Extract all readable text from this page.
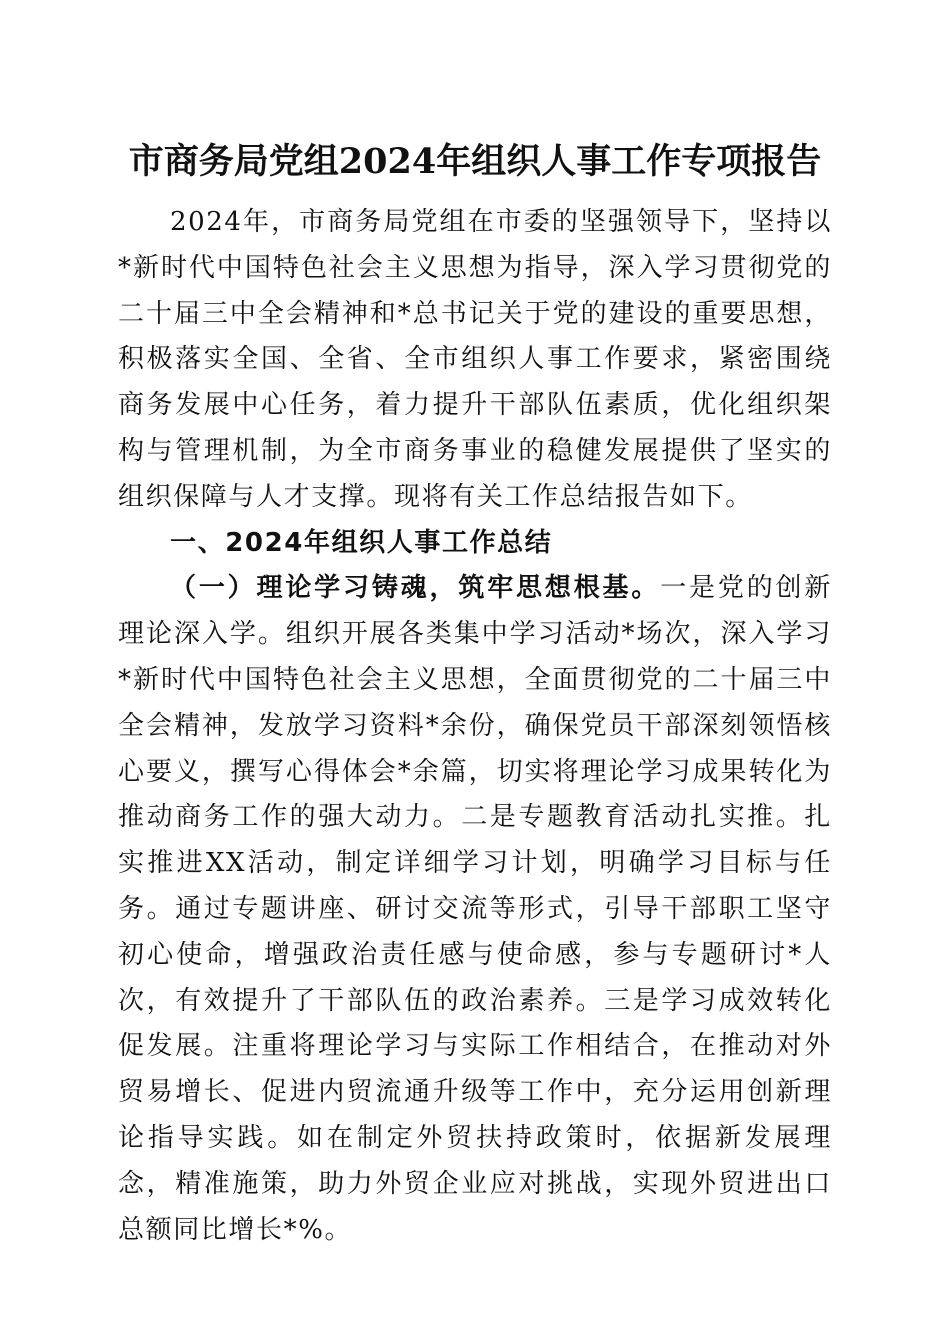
市商务局党组2024年组织人事工作专项报告

2024年，市商务局党组在市委的坚强领导下，坚持以*新时代中国特色社会主义思想为指导，深入学习贯彻党的二十届三中全会精神和*总书记关于党的建设的重要思想，积极落实全国、全省、全市组织人事工作要求，紧密围绕商务发展中心任务，着力提升干部队伍素质，优化组织架构与管理机制，为全市商务事业的稳健发展提供了坚实的组织保障与人才支撑。现将有关工作总结报告如下。

一、2024年组织人事工作总结

（一）理论学习铸魂，筑牢思想根基。一是党的创新理论深入学。组织开展各类集中学习活动*场次，深入学习*新时代中国特色社会主义思想，全面贯彻党的二十届三中全会精神，发放学习资料*余份，确保党员干部深刻领悟核心要义，撰写心得体会*余篇，切实将理论学习成果转化为推动商务工作的强大动力。二是专题教育活动扎实推。扎实推进XX活动，制定详细学习计划，明确学习目标与任务。通过专题讲座、研讨交流等形式，引导干部职工坚守初心使命，增强政治责任感与使命感，参与专题研讨*人次，有效提升了干部队伍的政治素养。三是学习成效转化促发展。注重将理论学习与实际工作相结合，在推动对外贸易增长、促进内贸流通升级等工作中，充分运用创新理论指导实践。如在制定外贸扶持政策时，依据新发展理念，精准施策，助力外贸企业应对挑战，实现外贸进出口总额同比增长*%。
